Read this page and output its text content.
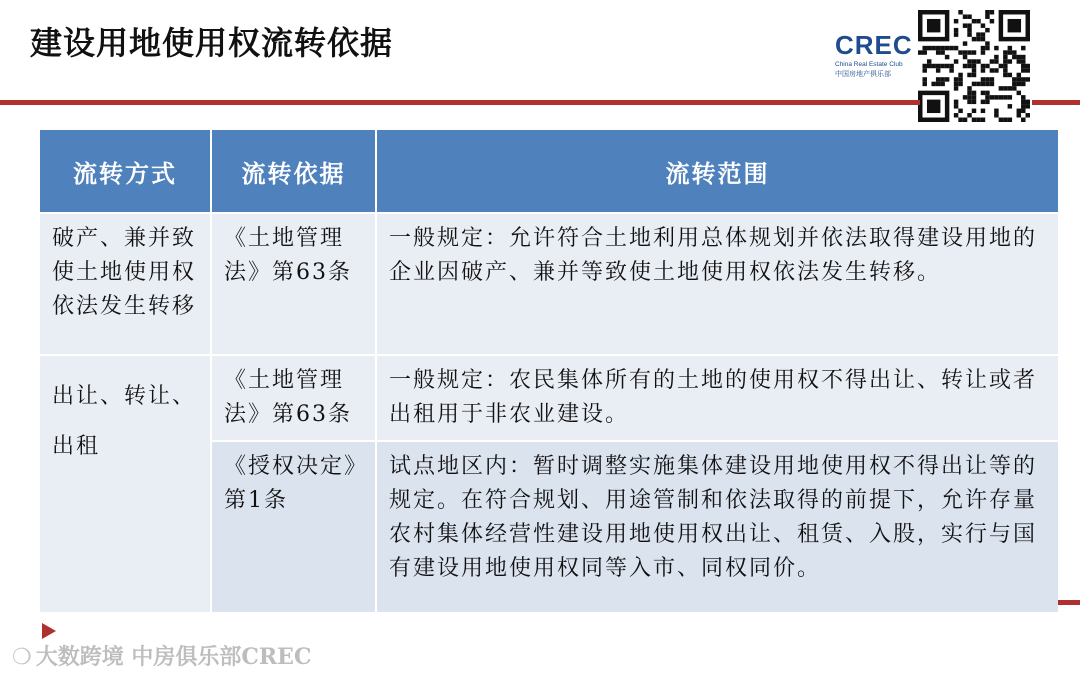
建设用地使用权流转依据	CREC
China Real Estate Club
中国房地产俱乐部
流转方式	流转依据	流转范围
破产、兼并致使土地使用权依法发生转移	《土地管理法》第63条	一般规定：允许符合土地利用总体规划并依法取得建设用地的企业因破产、兼并等致使土地使用权依法发生转移。
出让、转让、出租	《土地管理法》第63条	一般规定：农民集体所有的土地的使用权不得出让、转让或者出租用于非农业建设。
	《授权决定》第1条	试点地区内：暂时调整实施集体建设用地使用权不得出让等的规定。在符合规划、用途管制和依法取得的前提下，允许存量农村集体经营性建设用地使用权出让、租赁、入股，实行与国有建设用地使用权同等入市、同权同价。
❍ 大数跨境 中房俱乐部CREC
